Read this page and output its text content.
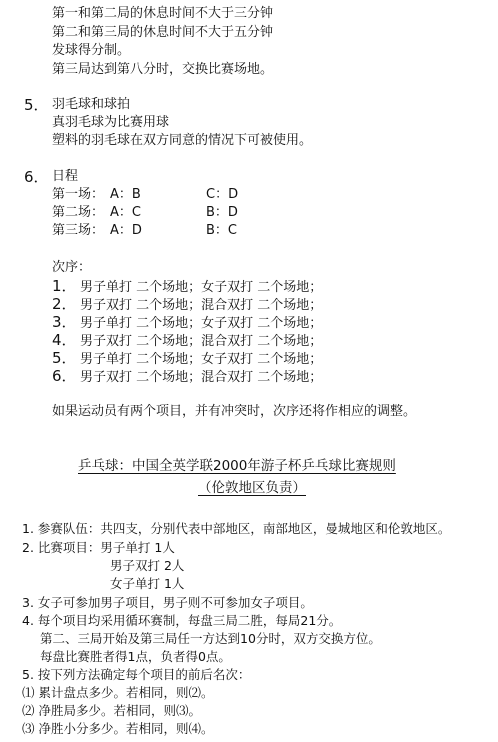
第一和第二局的休息时间不大于三分钟
第二和第三局的休息时间不大于五分钟
发球得分制。
第三局达到第八分时，交换比赛场地。
5． 羽毛球和球拍
真羽毛球为比赛用球
塑料的羽毛球在双方同意的情况下可被使用。
6． 日程
第一场： A：B	C：D
第二场： A：C	B：D
第三场： A：D	B：C
次序：
1． 男子单打 二个场地；女子双打 二个场地；
2． 男子双打 二个场地；混合双打 二个场地；
3． 男子单打 二个场地；女子双打 二个场地；
4． 男子双打 二个场地；混合双打 二个场地；
5． 男子单打 二个场地；女子双打 二个场地；
6． 男子双打 二个场地；混合双打 二个场地；
如果运动员有两个项目，并有冲突时，次序还将作相应的调整。
乒乓球：中国全英学联2000年游子杯乒乓球比赛规则
（伦敦地区负责）
1. 参赛队伍：共四支，分别代表中部地区，南部地区，曼城地区和伦敦地区。
2. 比赛项目：男子单打 1人
男子双打 2人
女子单打 1人
3. 女子可参加男子项目，男子则不可参加女子项目。
4. 每个项目均采用循环赛制，每盘三局二胜，每局21分。
第二、三局开始及第三局任一方达到10分时，双方交换方位。
每盘比赛胜者得1点，负者得0点。
5. 按下列方法确定每个项目的前后名次：
⑴ 累计盘点多少。若相同，则⑵。
⑵ 净胜局多少。若相同，则⑶。
⑶ 净胜小分多少。若相同，则⑷。
